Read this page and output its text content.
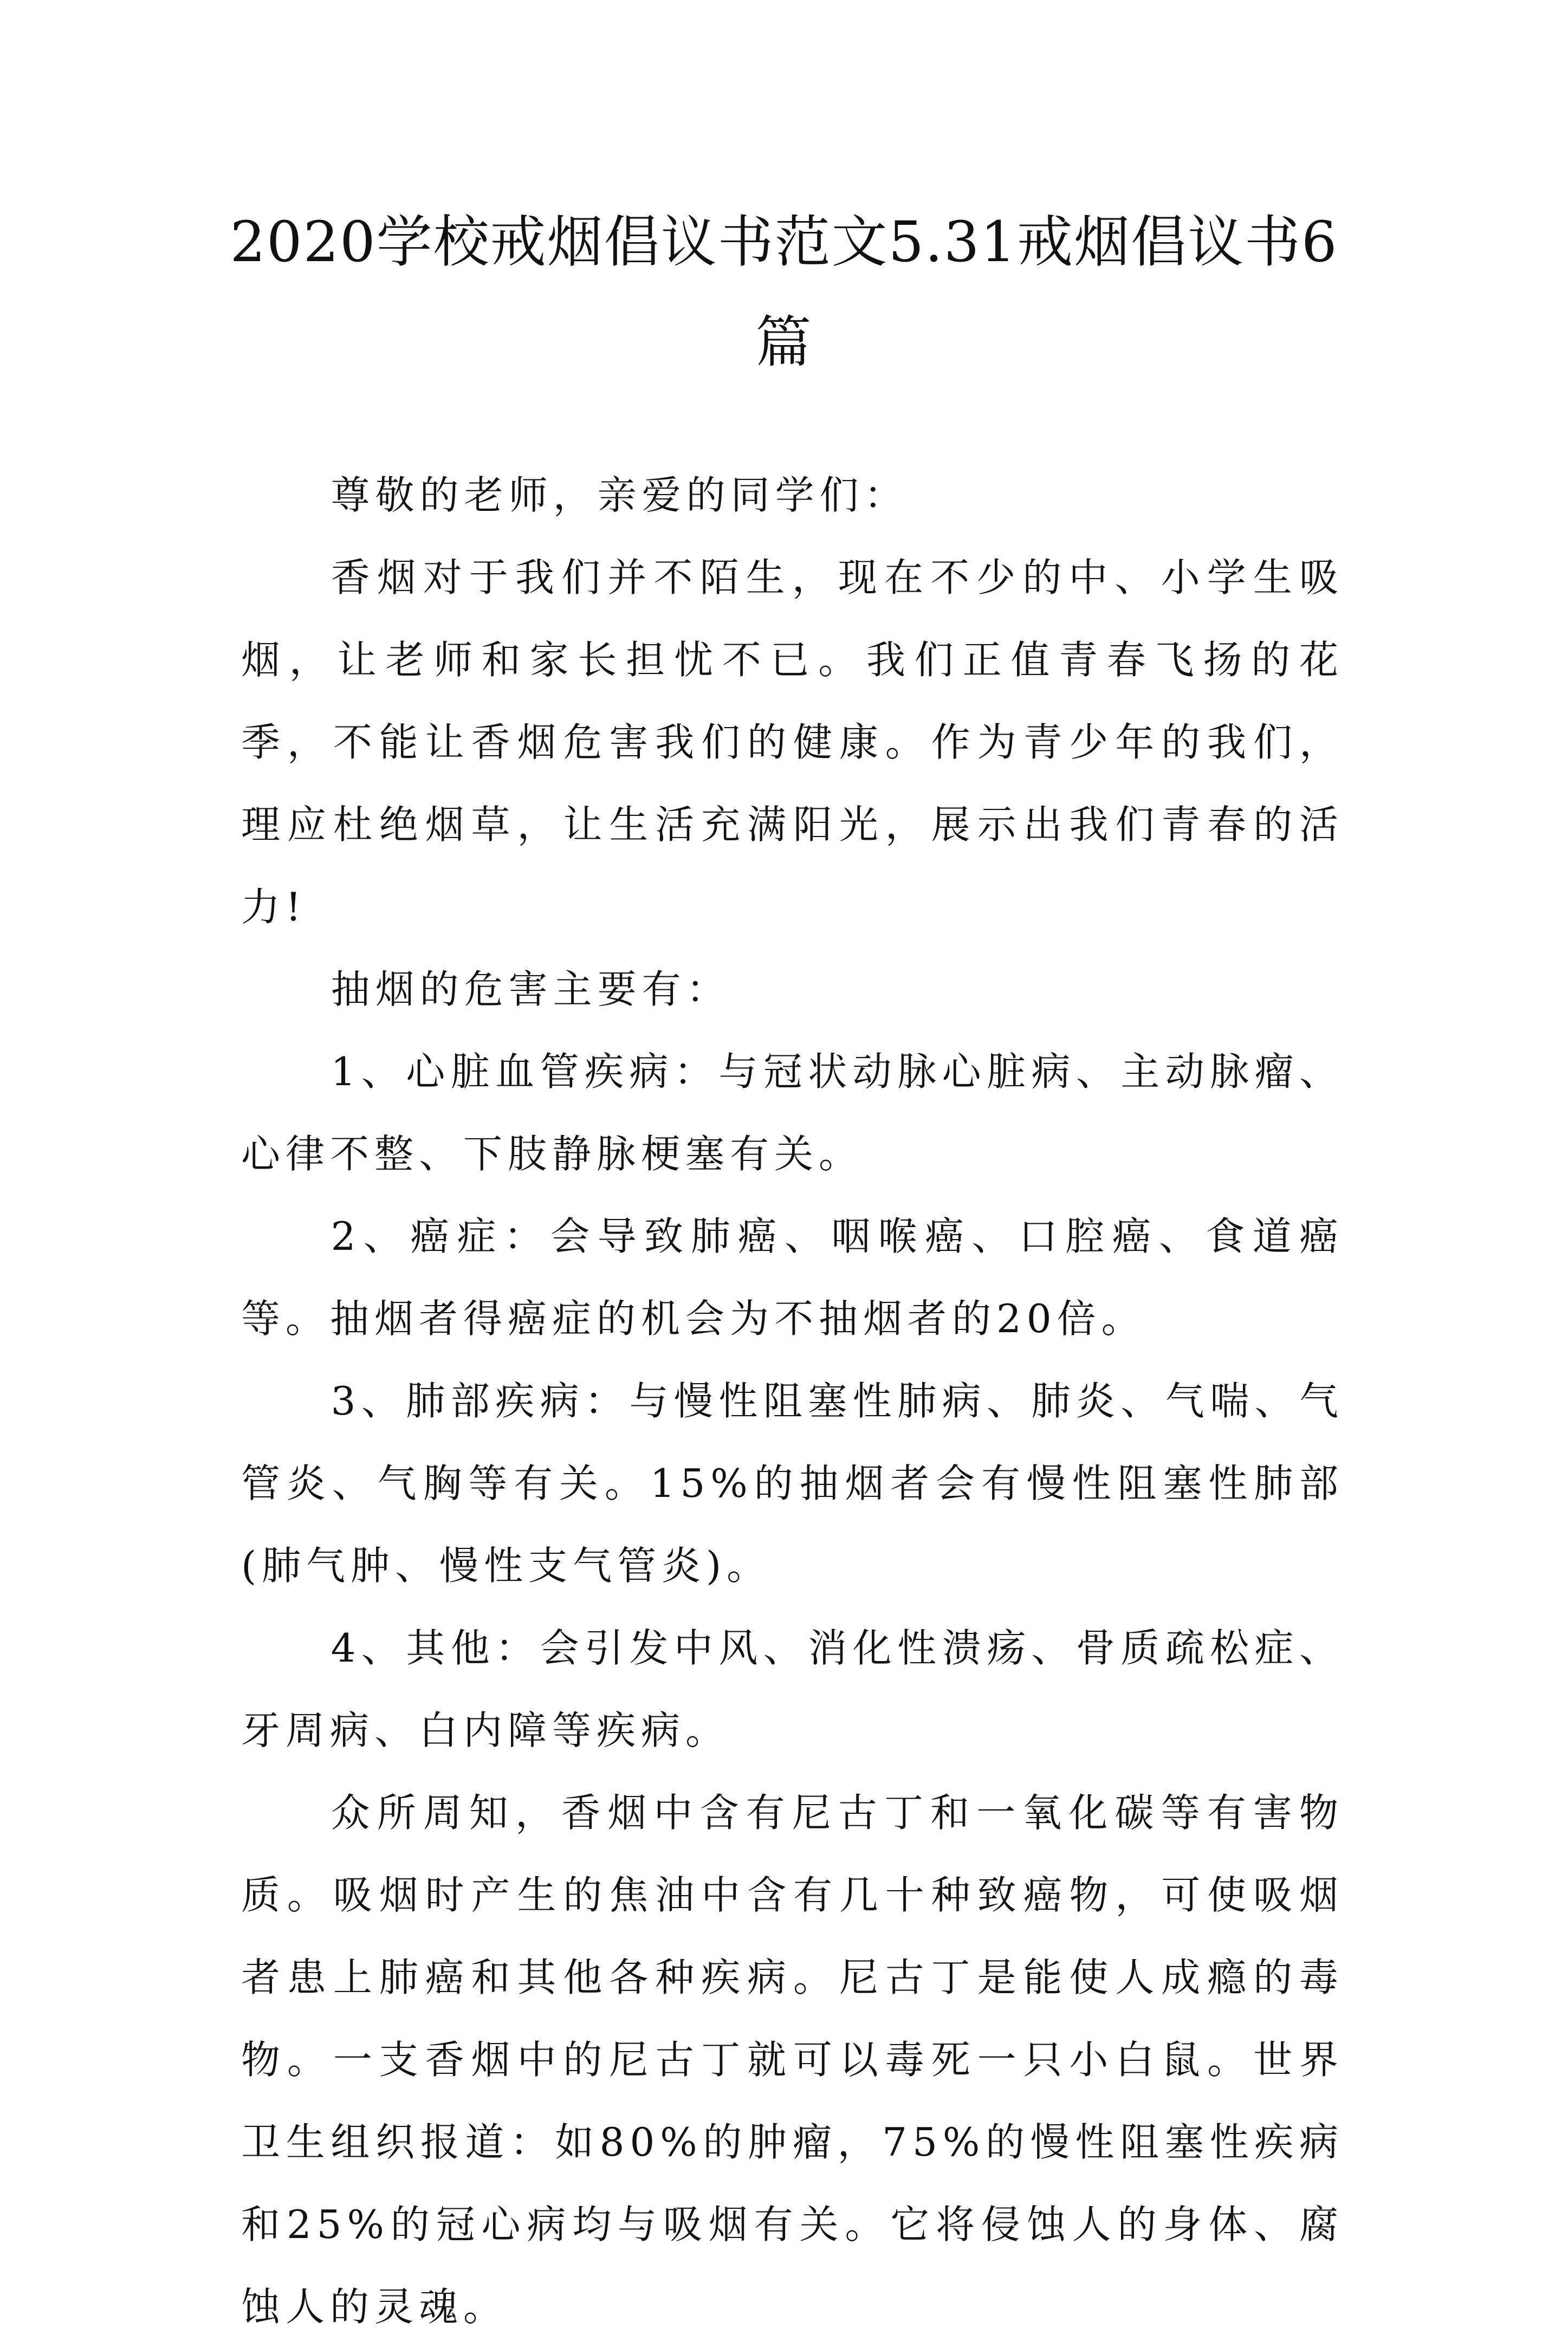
2020学校戒烟倡议书范文5.31戒烟倡议书6篇

尊敬的老师，亲爱的同学们：

香烟对于我们并不陌生，现在不少的中、小学生吸烟，让老师和家长担忧不已。我们正值青春飞扬的花季，不能让香烟危害我们的健康。作为青少年的我们，理应杜绝烟草，让生活充满阳光，展示出我们青春的活力!

抽烟的危害主要有：

1、心脏血管疾病：与冠状动脉心脏病、主动脉瘤、心律不整、下肢静脉梗塞有关。

2、癌症：会导致肺癌、咽喉癌、口腔癌、食道癌等。抽烟者得癌症的机会为不抽烟者的20倍。

3、肺部疾病：与慢性阻塞性肺病、肺炎、气喘、气管炎、气胸等有关。15%的抽烟者会有慢性阻塞性肺部(肺气肿、慢性支气管炎)。

4、其他：会引发中风、消化性溃疡、骨质疏松症、牙周病、白内障等疾病。

众所周知，香烟中含有尼古丁和一氧化碳等有害物质。吸烟时产生的焦油中含有几十种致癌物，可使吸烟者患上肺癌和其他各种疾病。尼古丁是能使人成瘾的毒物。一支香烟中的尼古丁就可以毒死一只小白鼠。世界卫生组织报道：如80%的肿瘤，75%的慢性阻塞性疾病和25%的冠心病均与吸烟有关。它将侵蚀人的身体、腐蚀人的灵魂。
